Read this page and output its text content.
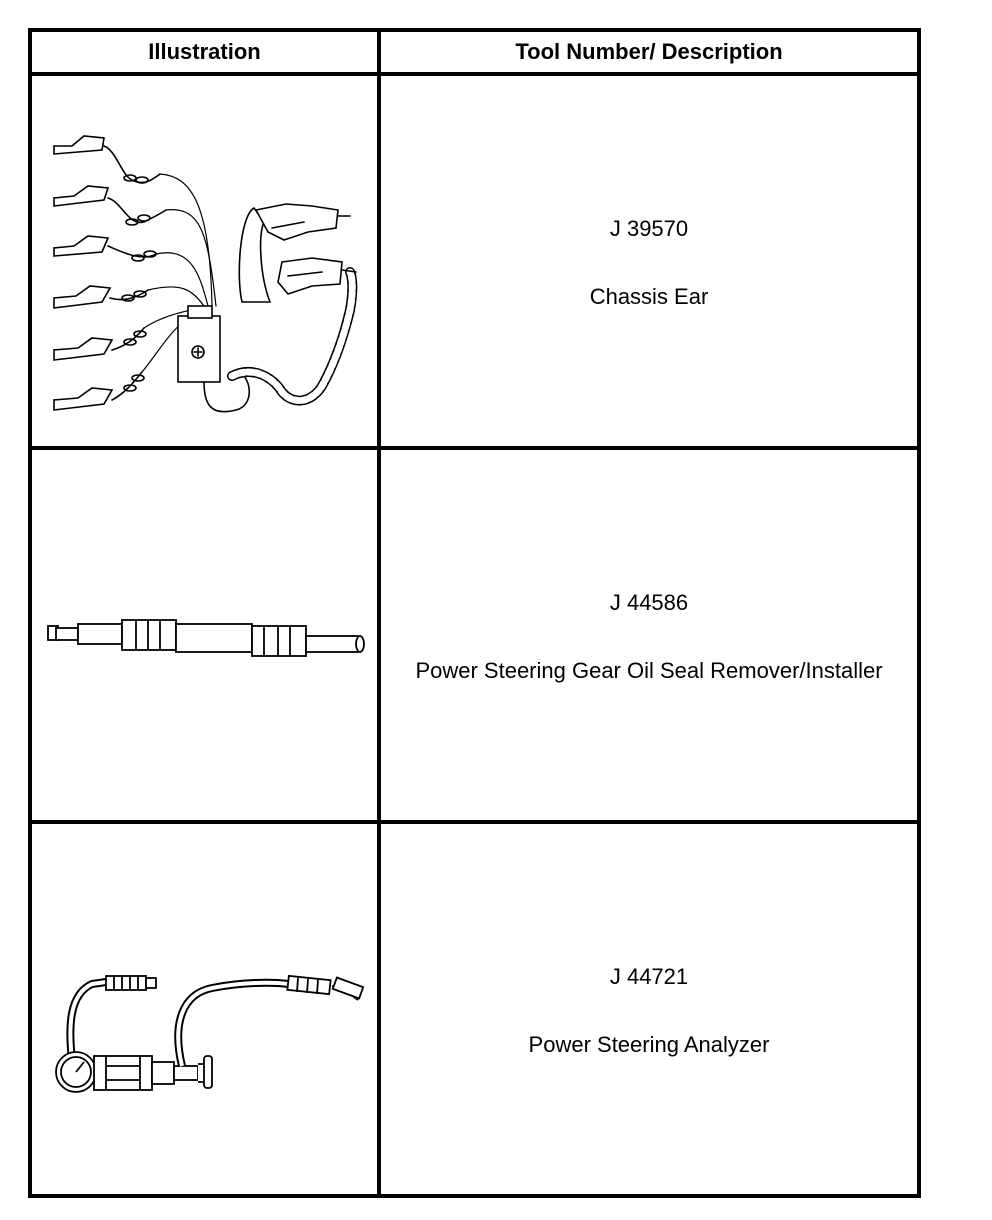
Illustration	Tool Number/ Description
J 39570
Chassis Ear
J 44586
Power Steering Gear Oil Seal Remover/Installer
J 44721
Power Steering Analyzer
